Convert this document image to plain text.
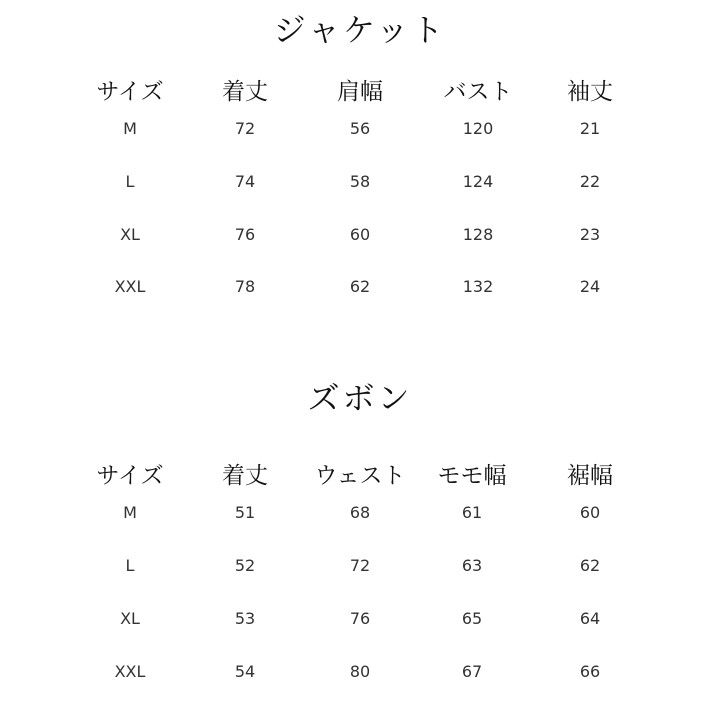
ジャケット
サイズ	着丈	肩幅	バスト	袖丈
M	72	56	120	21
L	74	58	124	22
XL	76	60	128	23
XXL	78	62	132	24
ズボン
サイズ	着丈	ウェスト	モモ幅	裾幅
M	51	68	61	60
L	52	72	63	62
XL	53	76	65	64
XXL	54	80	67	66
